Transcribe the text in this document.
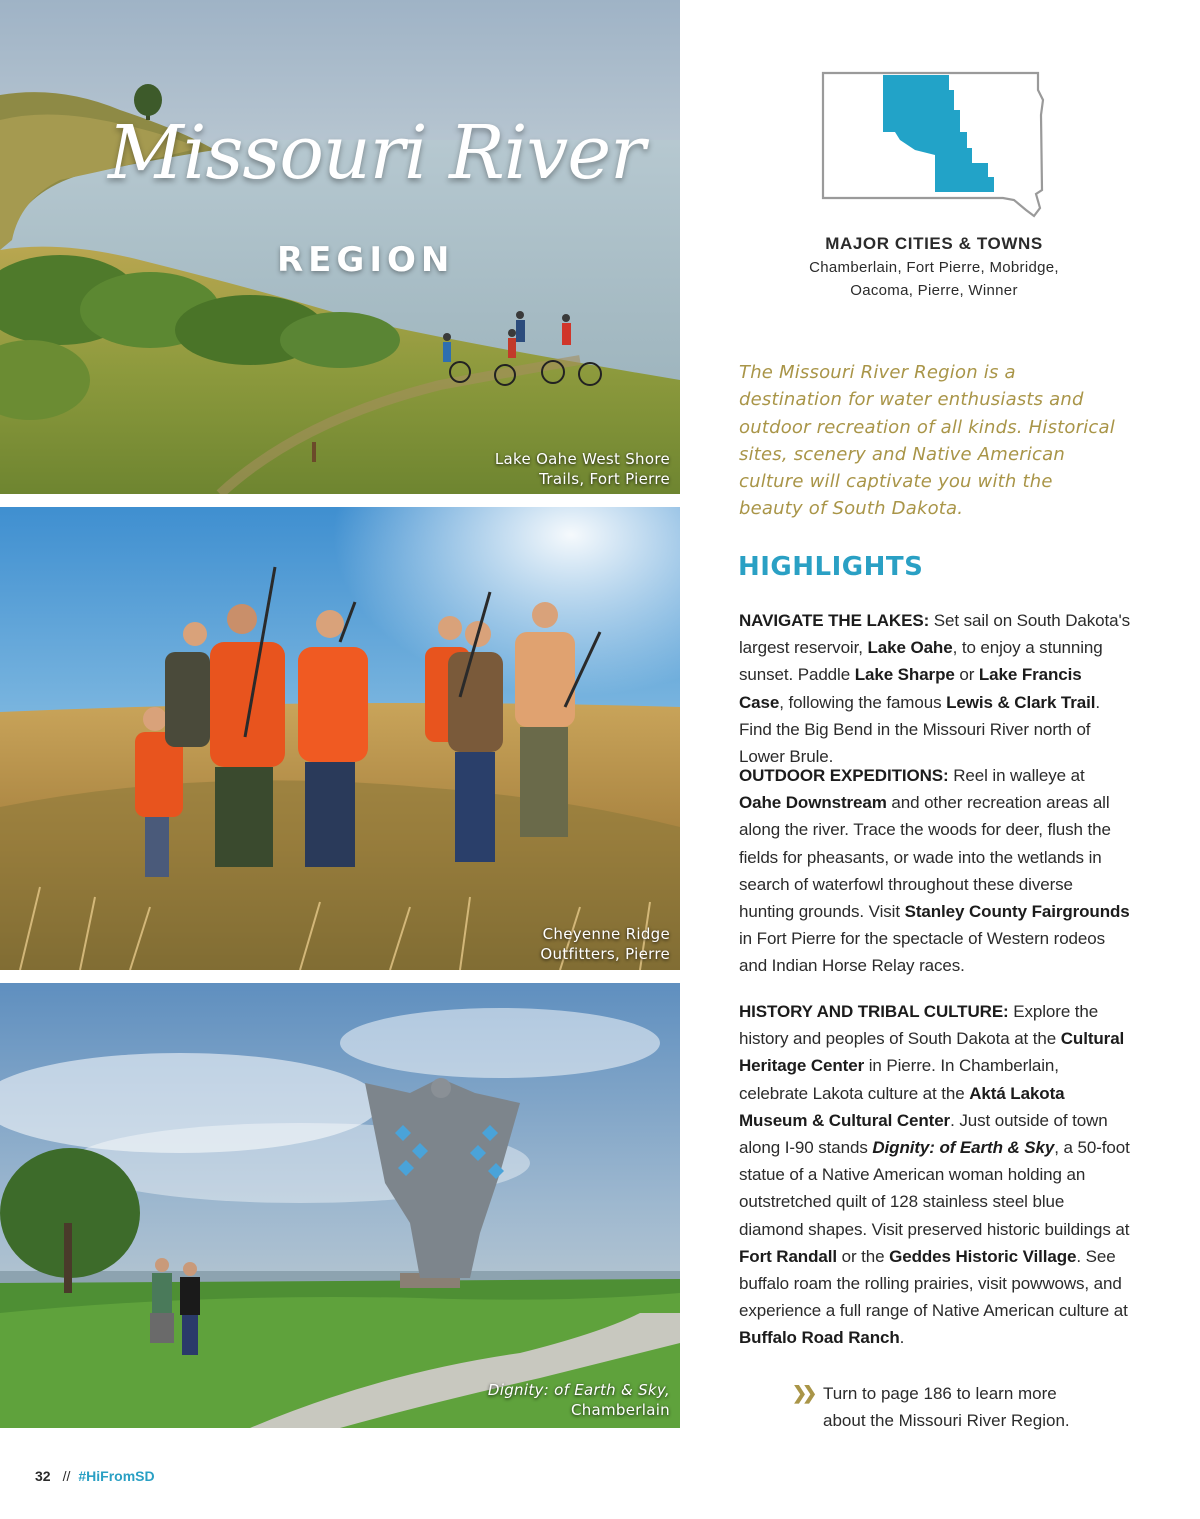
Missouri River
REGION
Lake Oahe West Shore
Trails, Fort Pierre
Cheyenne Ridge
Outfitters, Pierre
Dignity: of Earth & Sky,
Chamberlain
MAJOR CITIES & TOWNS

Chamberlain, Fort Pierre, Mobridge,

Oacoma, Pierre, Winner

The Missouri River Region is a destination for water enthusiasts and outdoor recreation of all kinds. Historical sites, scenery and Native American culture will captivate you with the beauty of South Dakota.
HIGHLIGHTS

NAVIGATE THE LAKES: Set sail on South Dakota's largest reservoir, Lake Oahe, to enjoy a stunning sunset. Paddle Lake Sharpe or Lake Francis Case, following the famous Lewis & Clark Trail. Find the Big Bend in the Missouri River north of Lower Brule.

OUTDOOR EXPEDITIONS: Reel in walleye at Oahe Downstream and other recreation areas all along the river. Trace the woods for deer, flush the fields for pheasants, or wade into the wetlands in search of waterfowl throughout these diverse hunting grounds. Visit Stanley County Fairgrounds in Fort Pierre for the spectacle of Western rodeos and Indian Horse Relay races.

HISTORY AND TRIBAL CULTURE: Explore the history and peoples of South Dakota at the Cultural Heritage Center in Pierre. In Chamberlain, celebrate Lakota culture at the Aktá Lakota Museum & Cultural Center. Just outside of town along I-90 stands Dignity: of Earth & Sky, a 50-foot statue of a Native American woman holding an outstretched quilt of 128 stainless steel blue diamond shapes. Visit preserved historic buildings at Fort Randall or the Geddes Historic Village. See buffalo roam the rolling prairies, visit powwows, and experience a full range of Native American culture at Buffalo Road Ranch.

❯❯ Turn to page 186 to learn more
about the Missouri River Region.
32 // #HiFromSD
